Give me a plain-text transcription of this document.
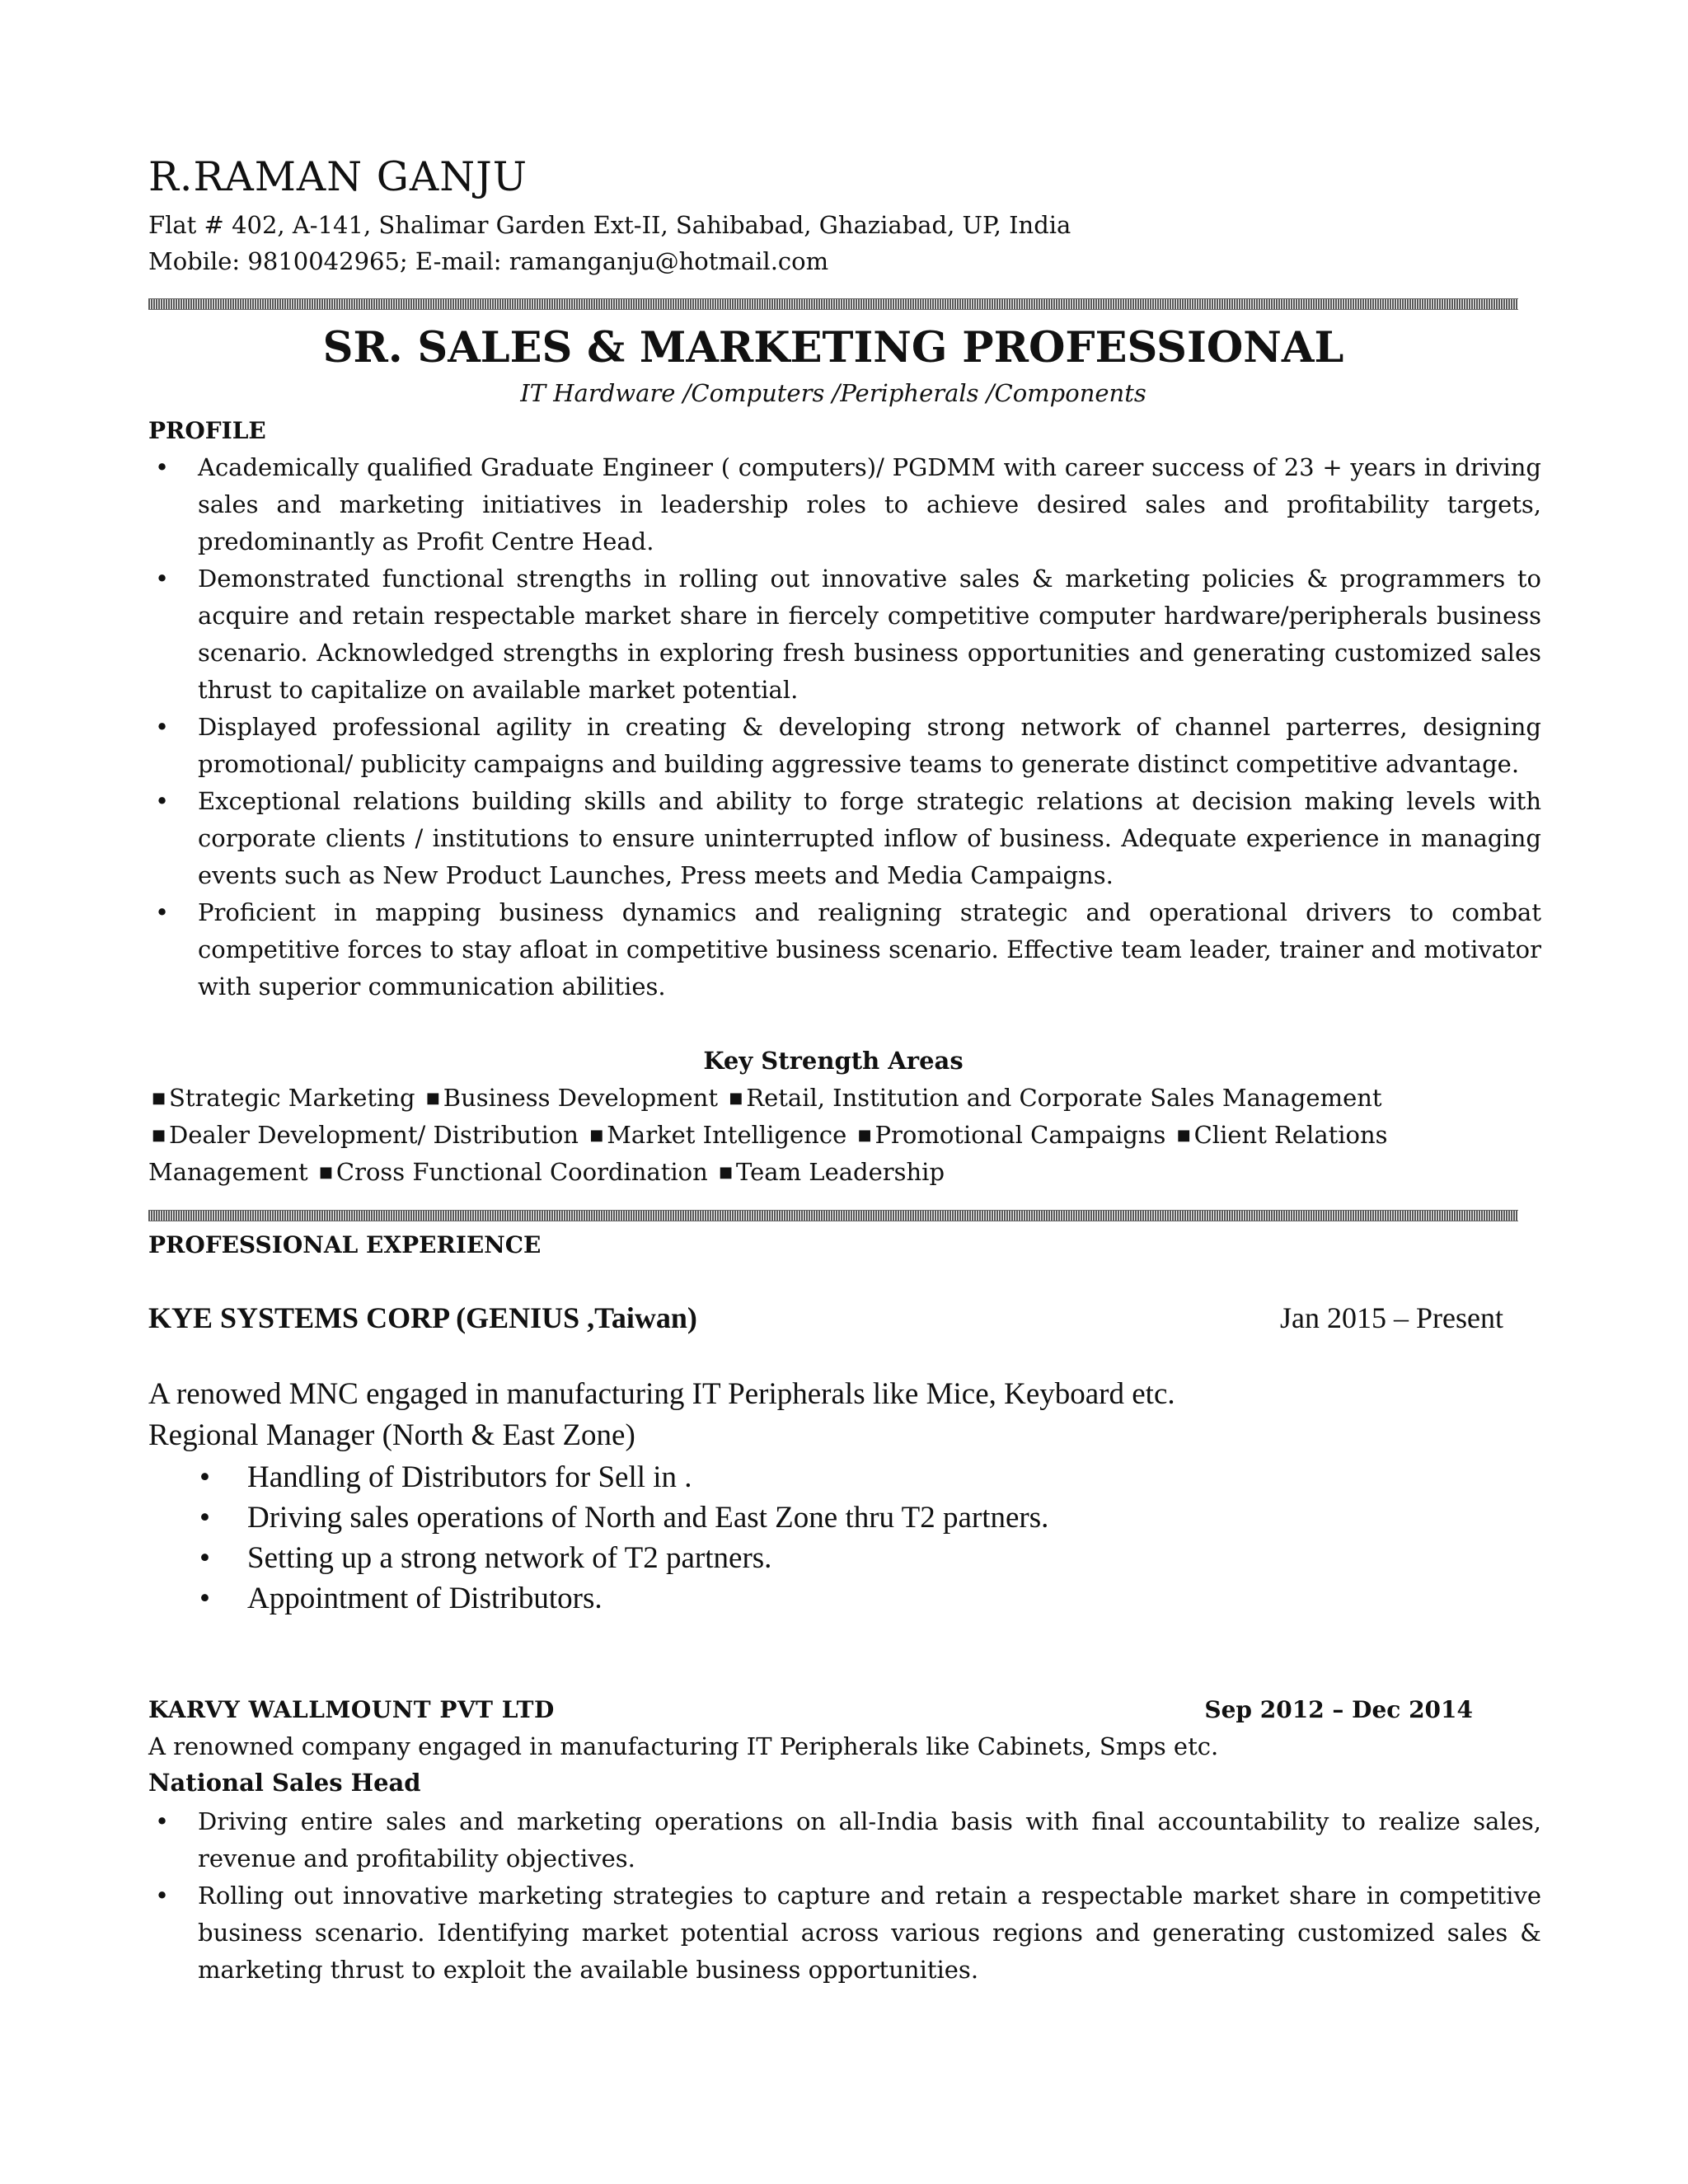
R.RAMAN GANJU
Flat # 402, A-141, Shalimar Garden Ext-II, Sahibabad, Ghaziabad, UP, India
Mobile: 9810042965; E-mail: ramanganju@hotmail.com
SR. SALES & MARKETING PROFESSIONAL
IT Hardware /Computers /Peripherals /Components
PROFILE
• Academically qualified Graduate Engineer ( computers)/ PGDMM with career success of 23 + years in driving sales and marketing initiatives in leadership roles to achieve desired sales and profitability targets, predominantly as Profit Centre Head.
• Demonstrated functional strengths in rolling out innovative sales & marketing policies & programmers to acquire and retain respectable market share in fiercely competitive computer hardware/peripherals business scenario. Acknowledged strengths in exploring fresh business opportunities and generating customized sales thrust to capitalize on available market potential.
• Displayed professional agility in creating & developing strong network of channel parterres, designing promotional/ publicity campaigns and building aggressive teams to generate distinct competitive advantage.
• Exceptional relations building skills and ability to forge strategic relations at decision making levels with corporate clients / institutions to ensure uninterrupted inflow of business. Adequate experience in managing events such as New Product Launches, Press meets and Media Campaigns.
• Proficient in mapping business dynamics and realigning strategic and operational drivers to combat competitive forces to stay afloat in competitive business scenario. Effective team leader, trainer and motivator with superior communication abilities.
Key Strength Areas
■ Strategic Marketing ■ Business Development ■ Retail, Institution and Corporate Sales Management
■ Dealer Development/ Distribution ■ Market Intelligence ■ Promotional Campaigns ■ Client Relations Management ■ Cross Functional Coordination ■ Team Leadership
PROFESSIONAL EXPERIENCE
KYE SYSTEMS CORP (GENIUS ,Taiwan)	Jan 2015 – Present
A renowed MNC engaged in manufacturing IT Peripherals like Mice, Keyboard etc.
Regional Manager (North & East Zone)
• Handling of Distributors for Sell in .
• Driving sales operations of North and East Zone thru T2 partners.
• Setting up a strong network of T2 partners.
• Appointment of Distributors.
KARVY WALLMOUNT PVT LTD	Sep 2012 – Dec 2014
A renowned company engaged in manufacturing IT Peripherals like Cabinets, Smps etc.
National Sales Head
• Driving entire sales and marketing operations on all-India basis with final accountability to realize sales, revenue and profitability objectives.
• Rolling out innovative marketing strategies to capture and retain a respectable market share in competitive business scenario. Identifying market potential across various regions and generating customized sales & marketing thrust to exploit the available business opportunities.
